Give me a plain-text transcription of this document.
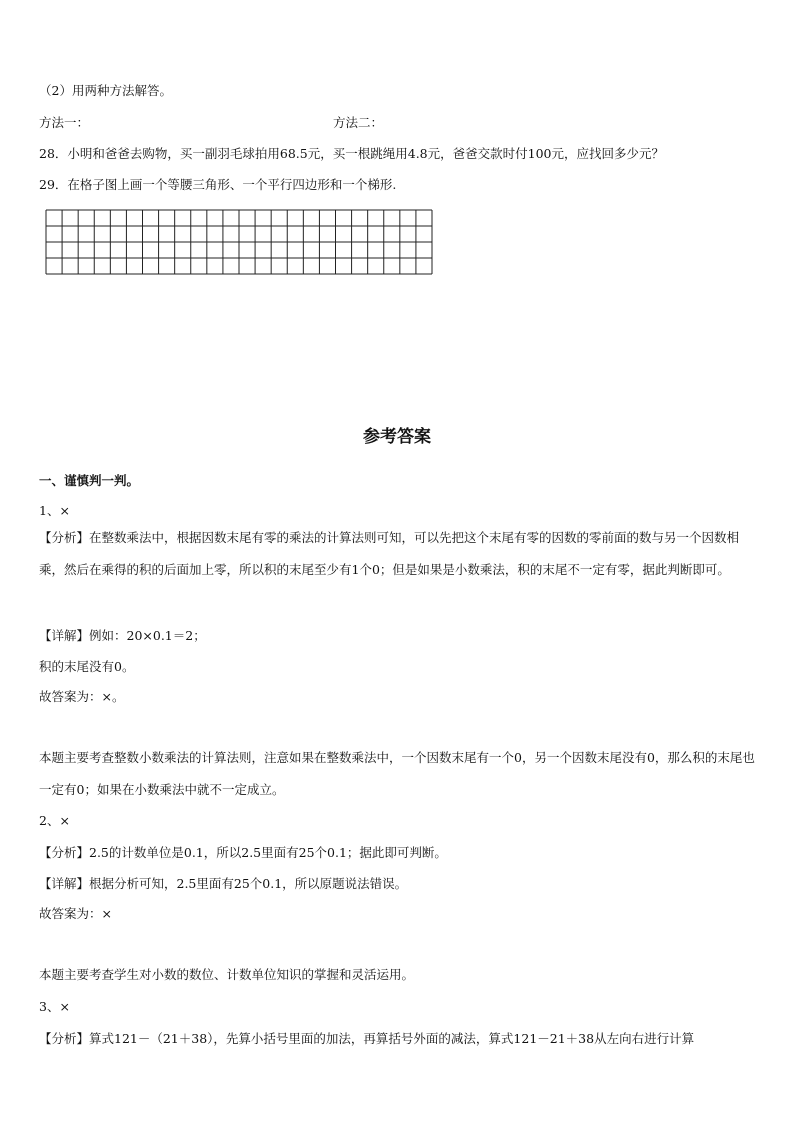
（2）用两种方法解答。
方法一：	方法二：
28．小明和爸爸去购物，买一副羽毛球拍用68.5元，买一根跳绳用4.8元，爸爸交款时付100元，应找回多少元？
29．在格子图上画一个等腰三角形、一个平行四边形和一个梯形.
参考答案
一、谨慎判一判。
1、×
【分析】在整数乘法中，根据因数末尾有零的乘法的计算法则可知，可以先把这个末尾有零的因数的零前面的数与另一个因数相乘，然后在乘得的积的后面加上零，所以积的末尾至少有1个0；但是如果是小数乘法，积的末尾不一定有零，据此判断即可。
【详解】例如：20×0.1＝2；
积的末尾没有0。
故答案为：×。
本题主要考查整数小数乘法的计算法则，注意如果在整数乘法中，一个因数末尾有一个0，另一个因数末尾没有0，那么积的末尾也一定有0；如果在小数乘法中就不一定成立。
2、×
【分析】2.5的计数单位是0.1，所以2.5里面有25个0.1；据此即可判断。
【详解】根据分析可知，2.5里面有25个0.1，所以原题说法错误。
故答案为：×
本题主要考查学生对小数的数位、计数单位知识的掌握和灵活运用。
3、×
【分析】算式121－（21＋38），先算小括号里面的加法，再算括号外面的减法，算式121－21＋38从左向右进行计算
